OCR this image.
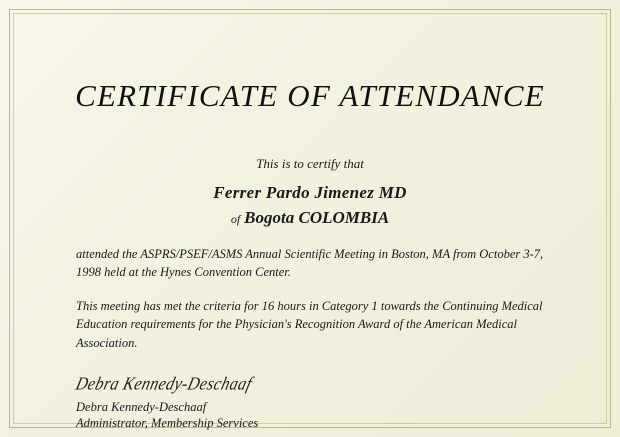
CERTIFICATE OF ATTENDANCE
This is to certify that
Ferrer Pardo Jimenez MD
of Bogota COLOMBIA
attended the ASPRS/PSEF/ASMS Annual Scientific Meeting in Boston, MA from October 3-7, 1998 held at the Hynes Convention Center.
This meeting has met the criteria for 16 hours in Category 1 towards the Continuing Medical Education requirements for the Physician's Recognition Award of the American Medical Association.
Debra Kennedy-Deschaaf
Debra Kennedy-Deschaaf
Administrator, Membership Services
